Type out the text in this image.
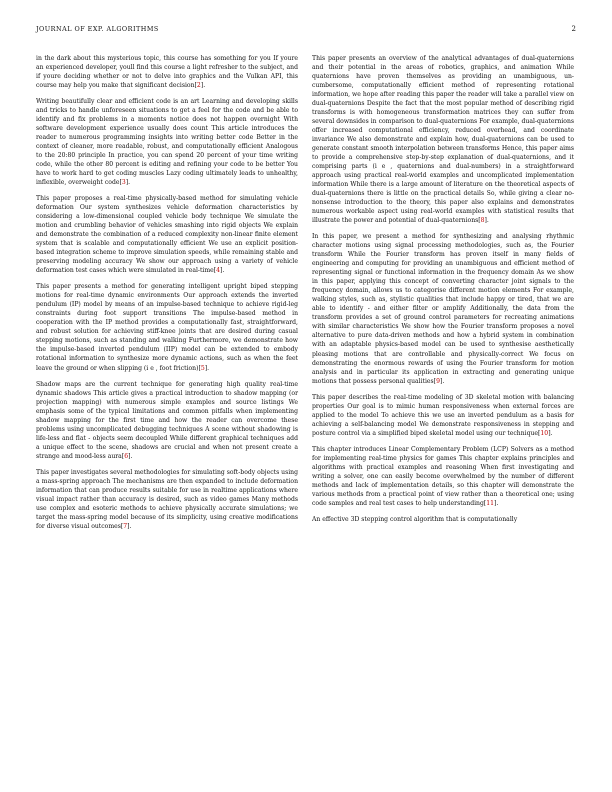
JOURNAL OF EXP. ALGORITHMS	2

in the dark about this mysterious topic, this course has something for you If youre an experienced developer, youll find this course a light refresher to the subject, and if youre deciding whether or not to delve into graphics and the Vulkan API, this course may help you make that significant decision[2].

Writing beautifully clear and efficient code is an art Learning and developing skills and tricks to handle unforeseen situations to get a feel for the code and be able to identify and fix problems in a moments notice does not happen overnight With software development experience usually does count This article introduces the reader to numerous programming insights into writing better code Better in the context of cleaner, more readable, robust, and computationally efficient Analogous to the 20:80 principle In practice, you can spend 20 percent of your time writing code, while the other 80 percent is editing and refining your code to be better You have to work hard to get coding muscles Lazy coding ultimately leads to unhealthy, inflexible, overweight code[3].

This paper proposes a real-time physically-based method for simulating vehicle deformation Our system synthesizes vehicle deformation characteristics by considering a low-dimensional coupled vehicle body technique We simulate the motion and crumbling behavior of vehicles smashing into rigid objects We explain and demonstrate the combination of a reduced complexity non-linear finite element system that is scalable and computationally efficient We use an explicit position-based integration scheme to improve simulation speeds, while remaining stable and preserving modeling accuracy We show our approach using a variety of vehicle deformation test cases which were simulated in real-time[4].

This paper presents a method for generating intelligent upright biped stepping motions for real-time dynamic environments Our approach extends the inverted pendulum (IP) model by means of an impulse-based technique to achieve rigid-leg constraints during foot support transitions The impulse-based method in cooperation with the IP method provides a computationally fast, straightforward, and robust solution for achieving stiff-knee joints that are desired during casual stepping motions, such as standing and walking Furthermore, we demonstrate how the impulse-based inverted pendulum (IIP) model can be extended to embody rotational information to synthesize more dynamic actions, such as when the feet leave the ground or when slipping (i e , foot friction)[5].

Shadow maps are the current technique for generating high quality real-time dynamic shadows This article gives a practical introduction to shadow mapping (or projection mapping) with numerous simple examples and source listings We emphasis some of the typical limitations and common pitfalls when implementing shadow mapping for the first time and how the reader can overcome these problems using uncomplicated debugging techniques A scene without shadowing is life-less and flat - objects seem decoupled While different graphical techniques add a unique effect to the scene, shadows are crucial and when not present create a strange and mood-less aura[6].

This paper investigates several methodologies for simulating soft-body objects using a mass-spring approach The mechanisms are then expanded to include deformation information that can produce results suitable for use in realtime applications where visual impact rather than accuracy is desired, such as video games Many methods use complex and esoteric methods to achieve physically accurate simulations; we target the mass-spring model because of its simplicity, using creative modifications for diverse visual outcomes[7].

This paper presents an overview of the analytical advantages of dual-quaternions and their potential in the areas of robotics, graphics, and animation While quaternions have proven themselves as providing an unambiguous, un-cumbersome, computationally efficient method of representing rotational information, we hope after reading this paper the reader will take a parallel view on dual-quaternions Despite the fact that the most popular method of describing rigid transforms is with homogeneous transformation matrices they can suffer from several downsides in comparison to dual-quaternions For example, dual-quaternions offer increased computational efficiency, reduced overhead, and coordinate invariance We also demonstrate and explain how, dual-quaternions can be used to generate constant smooth interpolation between transforms Hence, this paper aims to provide a comprehensive step-by-step explanation of dual-quaternions, and it comprising parts (i e , quaternions and dual-numbers) in a straightforward approach using practical real-world examples and uncomplicated implementation information While there is a large amount of literature on the theoretical aspects of dual-quaternions there is little on the practical details So, while giving a clear no-nonsense introduction to the theory, this paper also explains and demonstrates numerous workable aspect using real-world examples with statistical results that illustrate the power and potential of dual-quaternions[8].

In this paper, we present a method for synthesizing and analysing rhythmic character motions using signal processing methodologies, such as, the Fourier transform While the Fourier transform has proven itself in many fields of engineering and computing for providing an unambiguous and efficient method of representing signal or functional information in the frequency domain As we show in this paper, applying this concept of converting character joint signals to the frequency domain, allows us to categorise different motion elements For example, walking styles, such as, stylistic qualities that include happy or tired, that we are able to identify - and either filter or amplify Additionally, the data from the transform provides a set of ground control parameters for recreating animations with similar characteristics We show how the Fourier transform proposes a novel alternative to pure data-driven methods and how a hybrid system in combination with an adaptable physics-based model can be used to synthesise aesthetically pleasing motions that are controllable and physically-correct We focus on demonstrating the enormous rewards of using the Fourier transform for motion analysis and in particular its application in extracting and generating unique motions that possess personal qualities[9].

This paper describes the real-time modeling of 3D skeletal motion with balancing properties Our goal is to mimic human responsiveness when external forces are applied to the model To achieve this we use an inverted pendulum as a basis for achieving a self-balancing model We demonstrate responsiveness in stepping and posture control via a simplified biped skeletal model using our technique[10].

This chapter introduces Linear Complementary Problem (LCP) Solvers as a method for implementing real-time physics for games This chapter explains principles and algorithms with practical examples and reasoning When first investigating and writing a solver, one can easily become overwhelmed by the number of different methods and lack of implementation details, so this chapter will demonstrate the various methods from a practical point of view rather than a theoretical one; using code samples and real test cases to help understanding[11].

An effective 3D stepping control algorithm that is computationally
